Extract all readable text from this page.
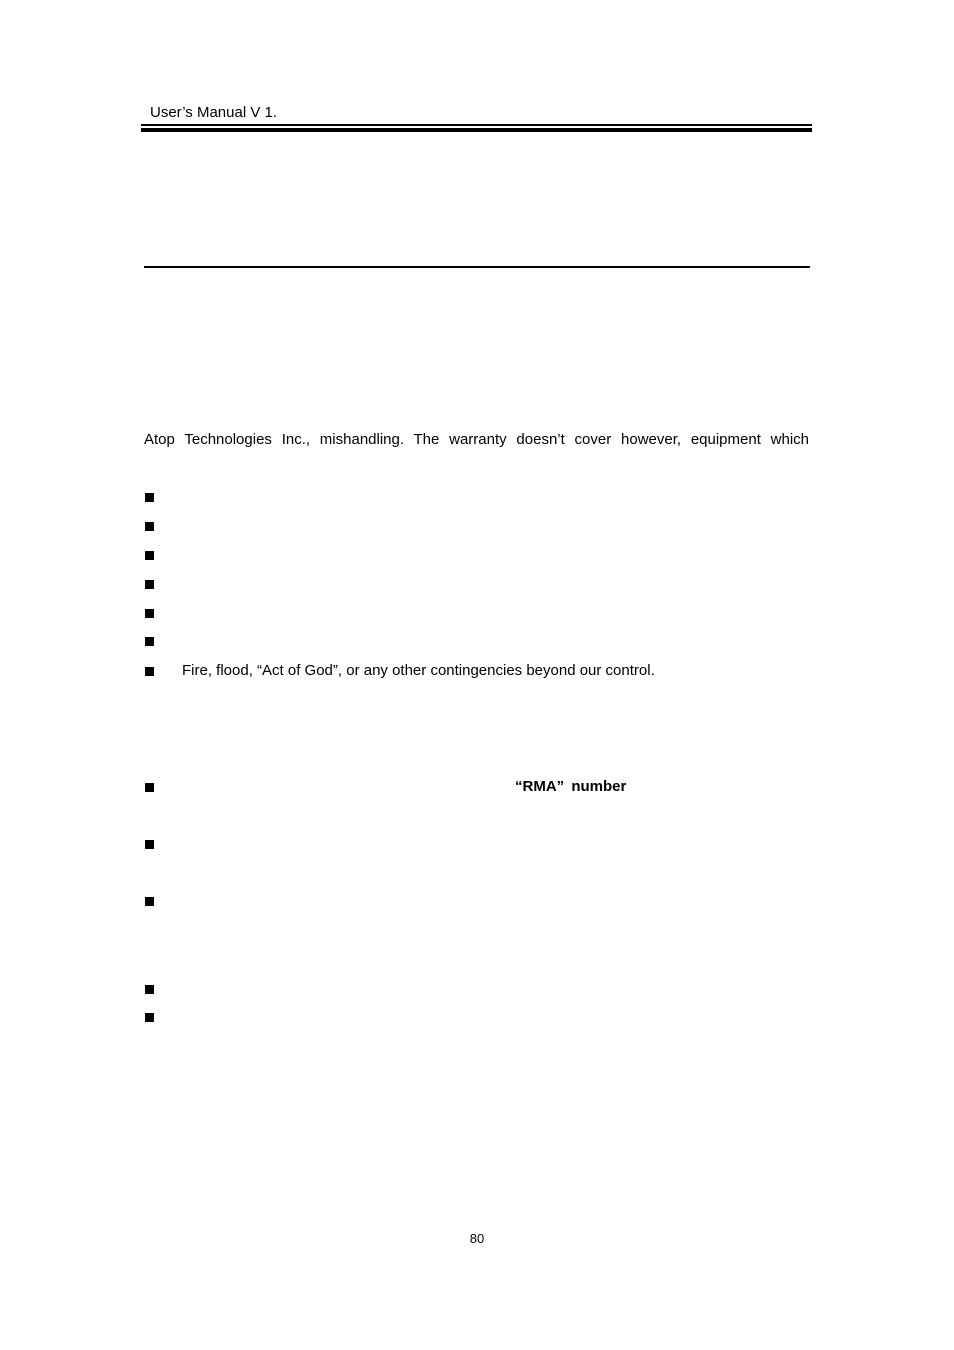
User’s Manual V 1.
Atop Technologies Inc., mishandling. The warranty doesn’t cover however, equipment which
Fire, flood, “Act of God”, or any other contingencies beyond our control.
“RMA” number
80
